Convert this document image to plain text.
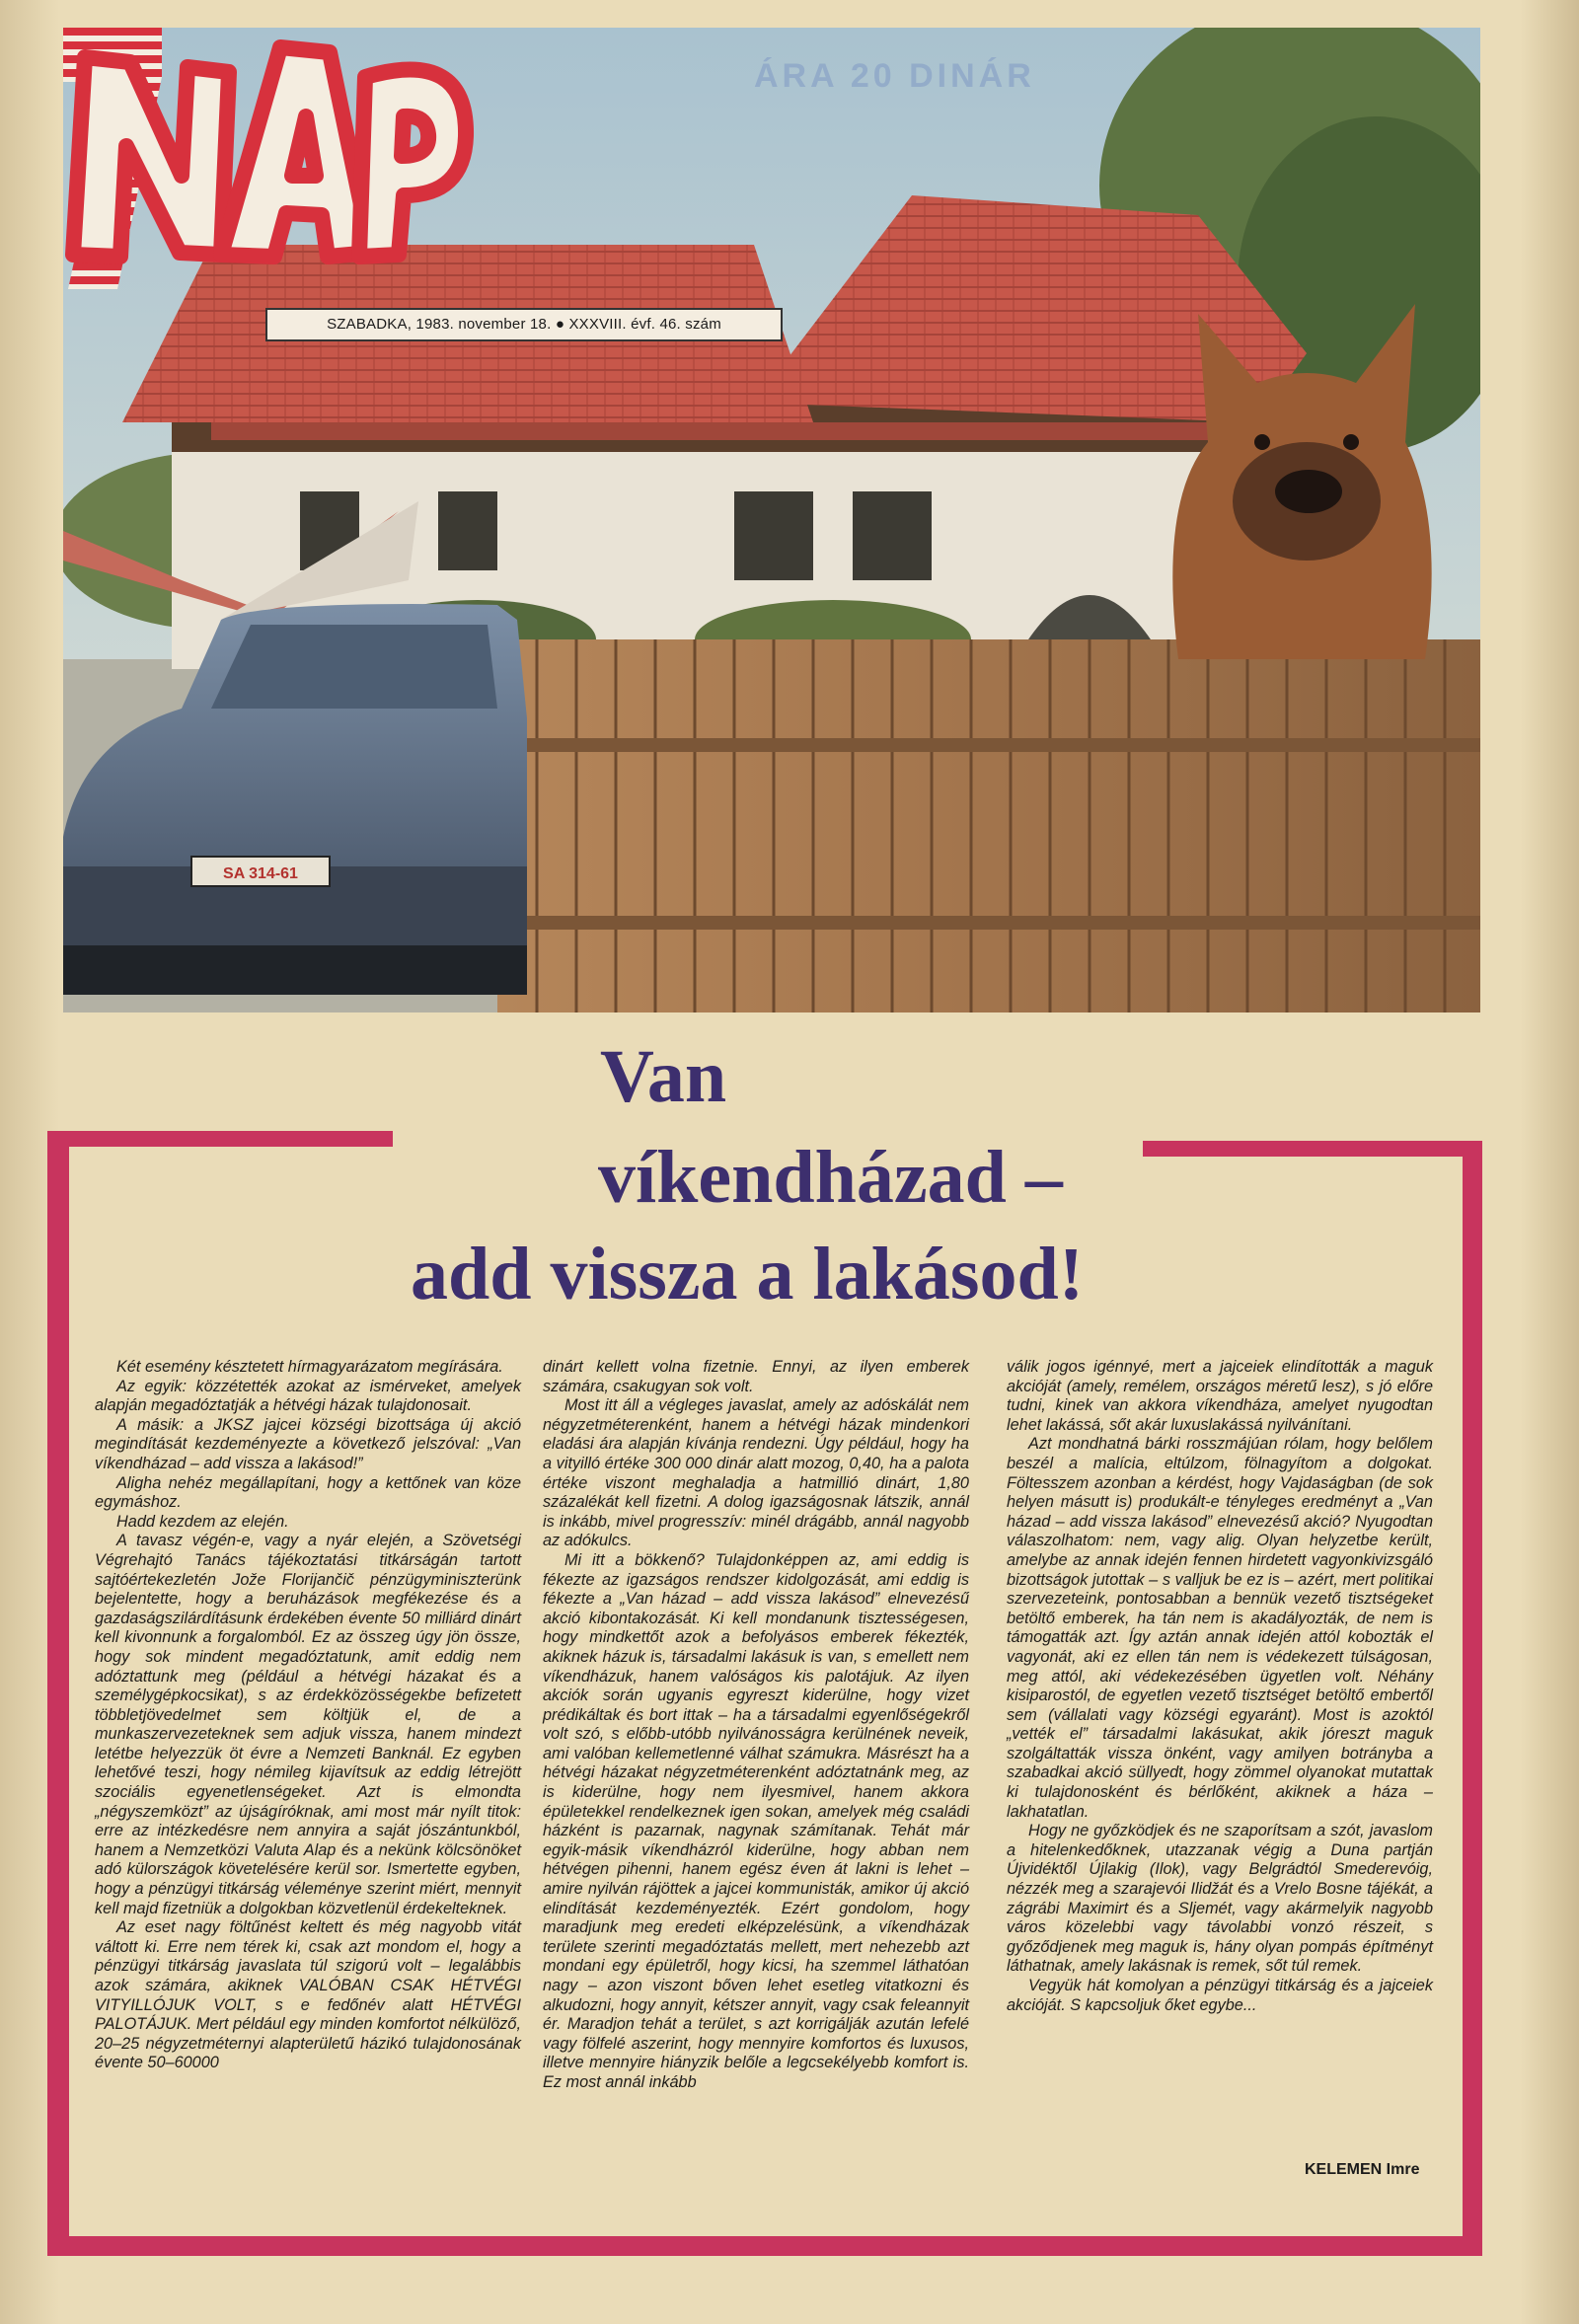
SA 314-61
ÁRA 20 DINÁR
SZABADKA, 1983. november 18. ● XXXVIII. évf. 46. szám
Van
víkendházad –
add vissza a lakásod!

Két esemény késztetett hírmagyarázatom megírására.

Az egyik: közzétették azokat az ismérveket, amelyek alapján megadóztatják a hétvégi házak tulajdonosait.

A másik: a JKSZ jajcei községi bizottsága új akció megindítását kezdeményezte a következő jelszóval: „Van víkendházad – add vissza a lakásod!”

Aligha nehéz megállapítani, hogy a kettőnek van köze egymáshoz.

Hadd kezdem az elején.

A tavasz végén-e, vagy a nyár elején, a Szövetségi Végrehajtó Tanács tájékoztatási titkárságán tartott sajtóértekezletén Jože Florijančič pénzügyminiszterünk bejelentette, hogy a beruházások megfékezése és a gazdaságszilárdításunk érdekében évente 50 milliárd dinárt kell kivonnunk a forgalomból. Ez az összeg úgy jön össze, hogy sok mindent megadóztatunk, amit eddig nem adóztattunk meg (például a hétvégi házakat és a személygépkocsikat), s az érdekközösségekbe befizetett többletjövedelmet sem költjük el, de a munkaszervezeteknek sem adjuk vissza, hanem mindezt letétbe helyezzük öt évre a Nemzeti Banknál. Ez egyben lehetővé teszi, hogy némileg kijavítsuk az eddig létrejött szociális egyenetlenségeket. Azt is elmondta „négyszemközt” az újságíróknak, ami most már nyílt titok: erre az intézkedésre nem annyira a saját jószántunkból, hanem a Nemzetközi Valuta Alap és a nekünk kölcsönöket adó külországok követelésére kerül sor. Ismertette egyben, hogy a pénzügyi titkárság véleménye szerint miért, mennyit kell majd fizetniük a dolgokban közvetlenül érdekelteknek.

Az eset nagy föltűnést keltett és még nagyobb vitát váltott ki. Erre nem térek ki, csak azt mondom el, hogy a pénzügyi titkárság javaslata túl szigorú volt – legalábbis azok számára, akiknek VALÓBAN CSAK HÉTVÉGI VITYILLÓJUK VOLT, s e fedőnév alatt HÉTVÉGI PALOTÁJUK. Mert például egy minden komfortot nélkülöző, 20–25 négyzetméternyi alapterületű házikó tulajdonosának évente 50–60000

dinárt kellett volna fizetnie. Ennyi, az ilyen emberek számára, csakugyan sok volt.

Most itt áll a végleges javaslat, amely az adóskálát nem négyzetméterenként, hanem a hétvégi házak mindenkori eladási ára alapján kívánja rendezni. Úgy például, hogy ha a vityilló értéke 300 000 dinár alatt mozog, 0,40, ha a palota értéke viszont meghaladja a hatmillió dinárt, 1,80 százalékát kell fizetni. A dolog igazságosnak látszik, annál is inkább, mivel progresszív: minél drágább, annál nagyobb az adókulcs.

Mi itt a bökkenő? Tulajdonképpen az, ami eddig is fékezte az igazságos rendszer kidolgozását, ami eddig is fékezte a „Van házad – add vissza lakásod” elnevezésű akció kibontakozását. Ki kell mondanunk tisztességesen, hogy mindkettőt azok a befolyásos emberek fékezték, akiknek házuk is, társadalmi lakásuk is van, s emellett nem víkendházuk, hanem valóságos kis palotájuk. Az ilyen akciók során ugyanis egyreszt kiderülne, hogy vizet prédikáltak és bort ittak – ha a társadalmi egyenlőségekről volt szó, s előbb-utóbb nyilvánosságra kerülnének neveik, ami valóban kellemetlenné válhat számukra. Másrészt ha a hétvégi házakat négyzetméterenként adóztatnánk meg, az is kiderülne, hogy nem ilyesmivel, hanem akkora épületekkel rendelkeznek igen sokan, amelyek még családi házként is pazarnak, nagynak számítanak. Tehát már egyik-másik víkendházról kiderülne, hogy abban nem hétvégen pihenni, hanem egész éven át lakni is lehet – amire nyilván rájöttek a jajcei kommunisták, amikor új akció elindítását kezdeményezték. Ezért gondolom, hogy maradjunk meg eredeti elképzelésünk, a víkendházak területe szerinti megadóztatás mellett, mert nehezebb azt mondani egy épületről, hogy kicsi, ha szemmel láthatóan nagy – azon viszont bőven lehet esetleg vitatkozni és alkudozni, hogy annyit, kétszer annyit, vagy csak feleannyit ér. Maradjon tehát a terület, s azt korrigálják azután lefelé vagy fölfelé aszerint, hogy mennyire komfortos és luxusos, illetve mennyire hiányzik belőle a legcsekélyebb komfort is. Ez most annál inkább

válik jogos igénnyé, mert a jajceiek elindították a maguk akcióját (amely, remélem, országos méretű lesz), s jó előre tudni, kinek van akkora víkendháza, amelyet nyugodtan lehet lakássá, sőt akár luxuslakássá nyilvánítani.

Azt mondhatná bárki rosszmájúan rólam, hogy belőlem beszél a malícia, eltúlzom, fölnagyítom a dolgokat. Föltesszem azonban a kérdést, hogy Vajdaságban (de sok helyen másutt is) produkált-e tényleges eredményt a „Van házad – add vissza lakásod” elnevezésű akció? Nyugodtan válaszolhatom: nem, vagy alig. Olyan helyzetbe került, amelybe az annak idején fennen hirdetett vagyonkivizsgáló bizottságok jutottak – s valljuk be ez is – azért, mert politikai szervezeteink, pontosabban a bennük vezető tisztségeket betöltő emberek, ha tán nem is akadályozták, de nem is támogatták azt. Így aztán annak idején attól kobozták el vagyonát, aki ez ellen tán nem is védekezett túlságosan, meg attól, aki védekezésében ügyetlen volt. Néhány kisiparostól, de egyetlen vezető tisztséget betöltő embertől sem (vállalati vagy községi egyaránt). Most is azoktól „vették el” társadalmi lakásukat, akik jóreszt maguk szolgáltatták vissza önként, vagy amilyen botrányba a szabadkai akció süllyedt, hogy zömmel olyanokat mutattak ki tulajdonosként és bérlőként, akiknek a háza – lakhatatlan.

Hogy ne győzködjek és ne szaporítsam a szót, javaslom a hitelenkedőknek, utazzanak végig a Duna partján Újvidéktől Újlakig (Ilok), vagy Belgrádtól Smederevóig, nézzék meg a szarajevói Ilidžát és a Vrelo Bosne tájékát, a zágrábi Maximirt és a Sljemét, vagy akármelyik nagyobb város közelebbi vagy távolabbi vonzó részeit, s győződjenek meg maguk is, hány olyan pompás építményt láthatnak, amely lakásnak is remek, sőt túl remek.

Vegyük hát komolyan a pénzügyi titkárság és a jajceiek akcióját. S kapcsoljuk őket egybe...

KELEMEN Imre
